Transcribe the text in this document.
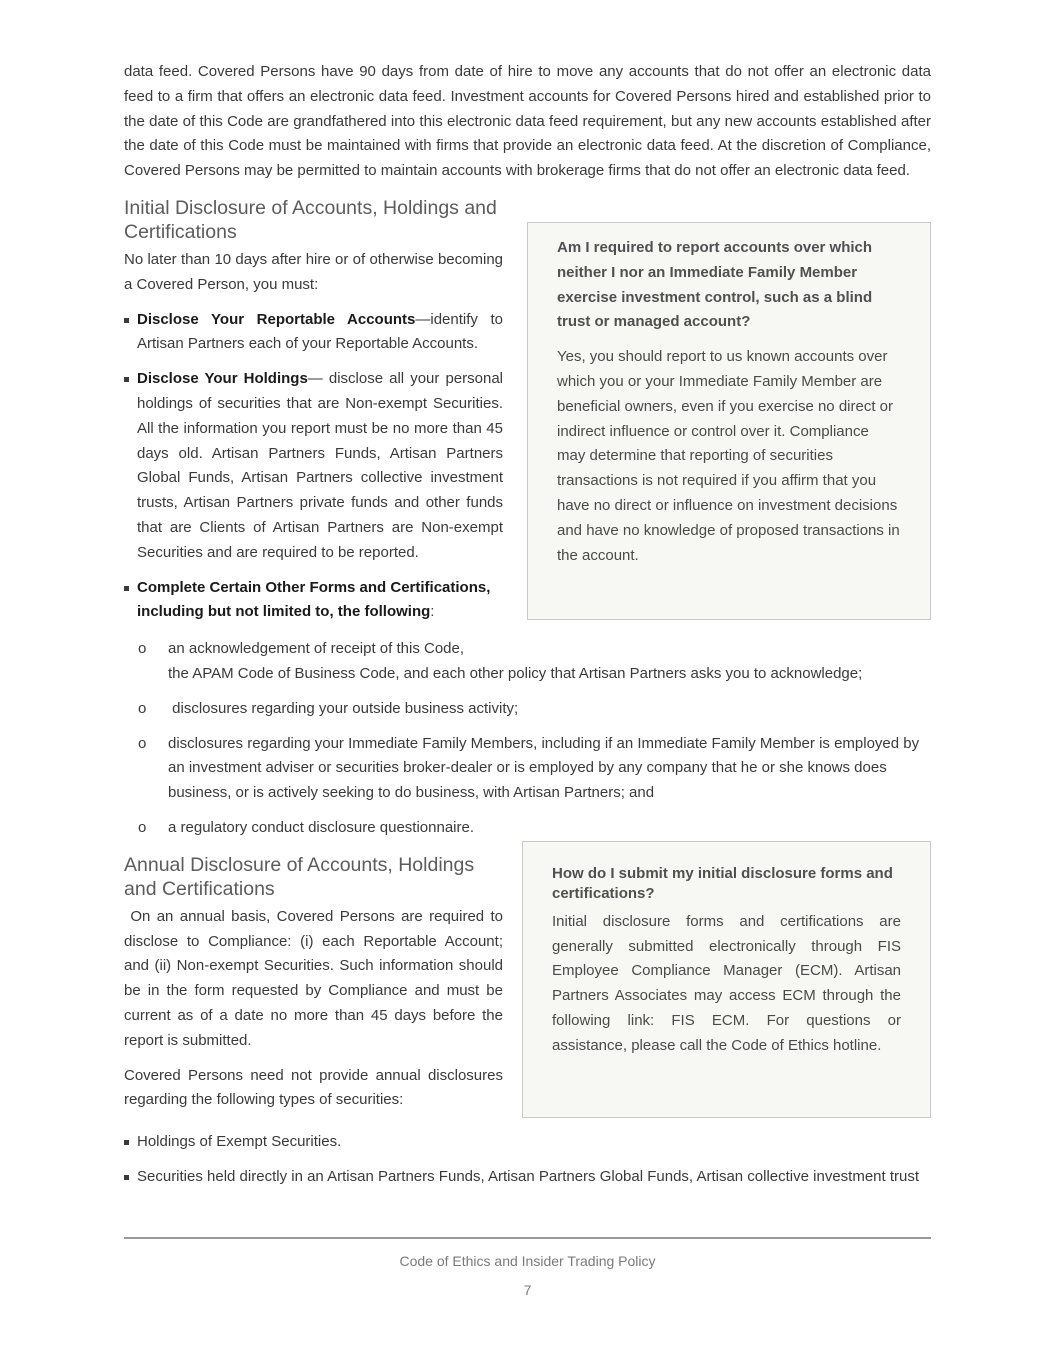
data feed. Covered Persons have 90 days from date of hire to move any accounts that do not offer an electronic data feed to a firm that offers an electronic data feed. Investment accounts for Covered Persons hired and established prior to the date of this Code are grandfathered into this electronic data feed requirement, but any new accounts established after the date of this Code must be maintained with firms that provide an electronic data feed. At the discretion of Compliance, Covered Persons may be permitted to maintain accounts with brokerage firms that do not offer an electronic data feed.

Initial Disclosure of Accounts, Holdings and Certifications

No later than 10 days after hire or of otherwise becoming a Covered Person, you must:

Disclose Your Reportable Accounts—identify to Artisan Partners each of your Reportable Accounts.
Disclose Your Holdings— disclose all your personal holdings of securities that are Non-exempt Securities. All the information you report must be no more than 45 days old. Artisan Partners Funds, Artisan Partners Global Funds, Artisan Partners collective investment trusts, Artisan Partners private funds and other funds that are Clients of Artisan Partners are Non-exempt Securities and are required to be reported.
Complete Certain Other Forms and Certifications, including but not limited to, the following:

Am I required to report accounts over which neither I nor an Immediate Family Member exercise investment control, such as a blind trust or managed account?

Yes, you should report to us known accounts over which you or your Immediate Family Member are beneficial owners, even if you exercise no direct or indirect influence or control over it. Compliance may determine that reporting of securities transactions is not required if you affirm that you have no direct or influence on investment decisions and have no knowledge of proposed transactions in the account.

o an acknowledgement of receipt of this Code,
the APAM Code of Business Code, and each other policy that Artisan Partners asks you to acknowledge;
o disclosures regarding your outside business activity;
o disclosures regarding your Immediate Family Members, including if an Immediate Family Member is employed by an investment adviser or securities broker-dealer or is employed by any company that he or she knows does business, or is actively seeking to do business, with Artisan Partners; and
o a regulatory conduct disclosure questionnaire.
Annual Disclosure of Accounts, Holdings and Certifications

On an annual basis, Covered Persons are required to disclose to Compliance: (i) each Reportable Account; and (ii) Non-exempt Securities. Such information should be in the form requested by Compliance and must be current as of a date no more than 45 days before the report is submitted.

Covered Persons need not provide annual disclosures regarding the following types of securities:

How do I submit my initial disclosure forms and certifications?

Initial disclosure forms and certifications are generally submitted electronically through FIS Employee Compliance Manager (ECM). Artisan Partners Associates may access ECM through the following link: FIS ECM. For questions or assistance, please call the Code of Ethics hotline.

Holdings of Exempt Securities.
Securities held directly in an Artisan Partners Funds, Artisan Partners Global Funds, Artisan collective investment trust
Code of Ethics and Insider Trading Policy
7
